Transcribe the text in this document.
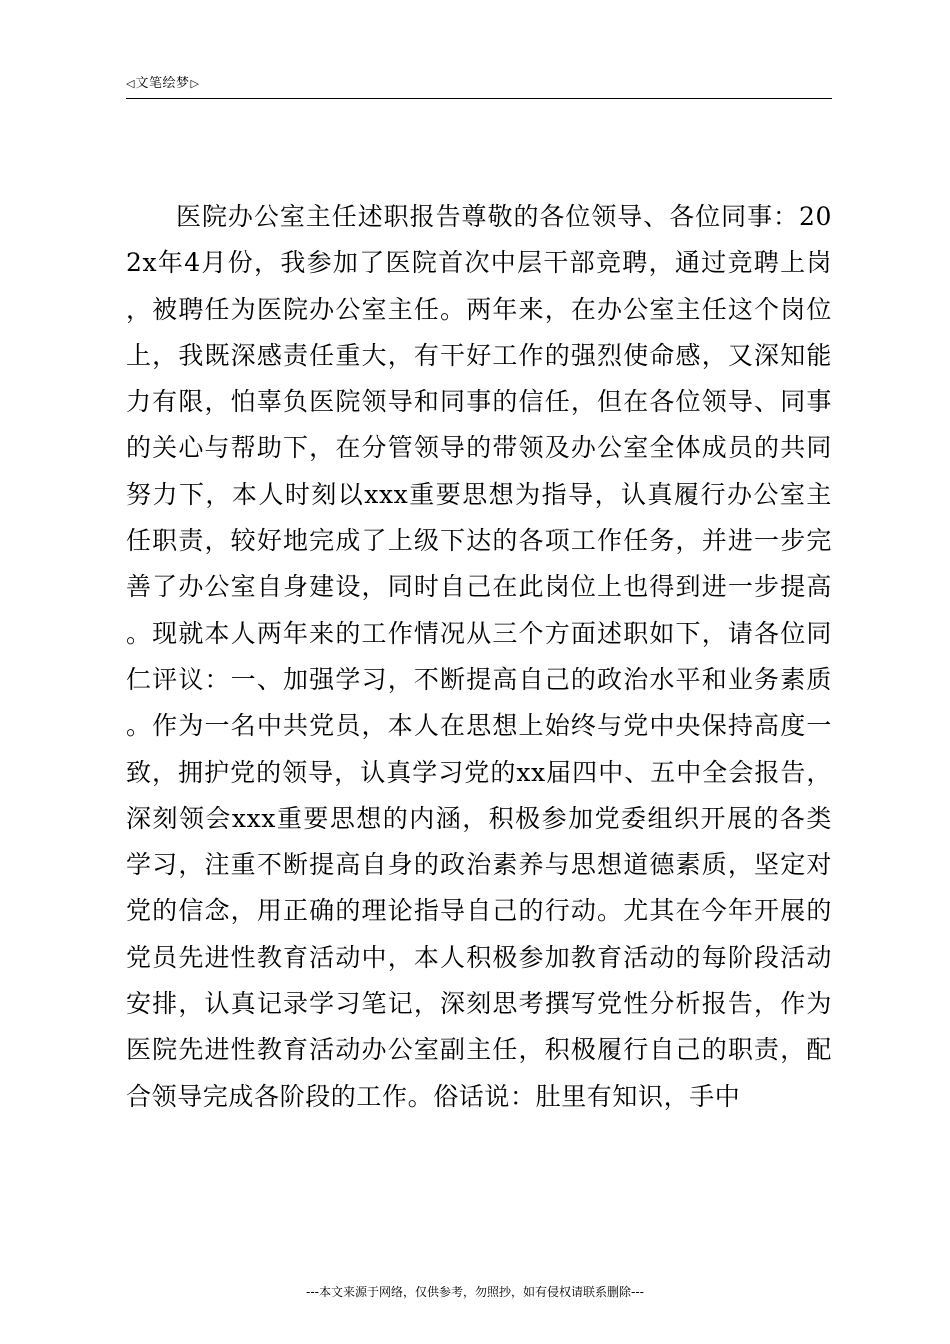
◁ 文笔绘梦 ▷

医院办公室主任述职报告尊敬的各位领导、各位同事：202x年4月份，我参加了医院首次中层干部竞聘，通过竞聘上岗，被聘任为医院办公室主任。两年来，在办公室主任这个岗位上，我既深感责任重大，有干好工作的强烈使命感，又深知能力有限，怕辜负医院领导和同事的信任，但在各位领导、同事的关心与帮助下，在分管领导的带领及办公室全体成员的共同努力下，本人时刻以xxx重要思想为指导，认真履行办公室主任职责，较好地完成了上级下达的各项工作任务，并进一步完善了办公室自身建设，同时自己在此岗位上也得到进一步提高。现就本人两年来的工作情况从三个方面述职如下，请各位同仁评议：一、加强学习，不断提高自己的政治水平和业务素质。作为一名中共党员，本人在思想上始终与党中央保持高度一致，拥护党的领导，认真学习党的xx届四中、五中全会报告，深刻领会xxx重要思想的内涵，积极参加党委组织开展的各类学习，注重不断提高自身的政治素养与思想道德素质，坚定对党的信念，用正确的理论指导自己的行动。尤其在今年开展的党员先进性教育活动中，本人积极参加教育活动的每阶段活动安排，认真记录学习笔记，深刻思考撰写党性分析报告，作为医院先进性教育活动办公室副主任，积极履行自己的职责，配合领导完成各阶段的工作。俗话说：肚里有知识，手中

---本文来源于网络，仅供参考，勿照抄，如有侵权请联系删除---
